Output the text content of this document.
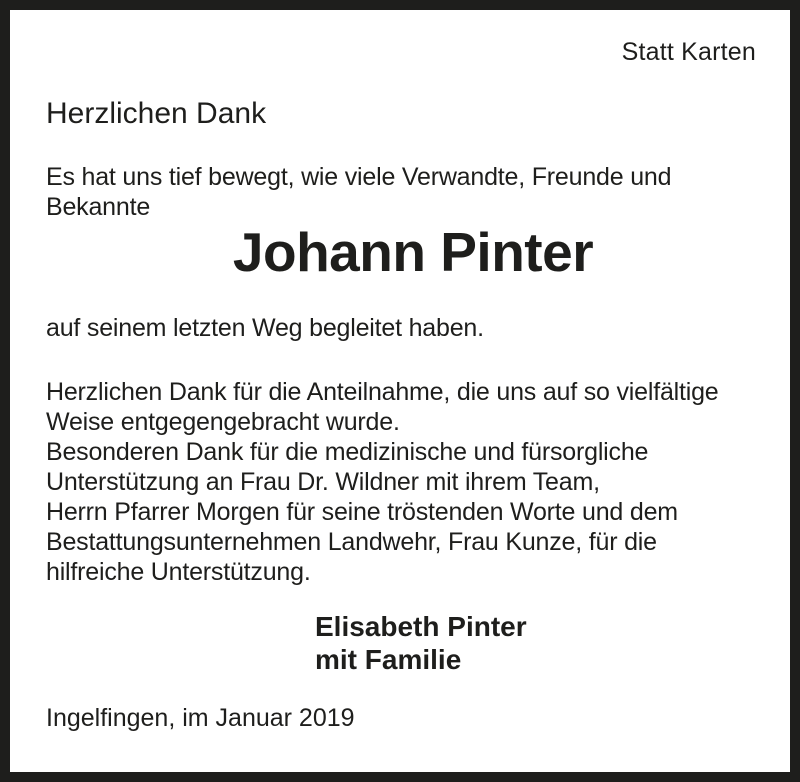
Statt Karten
Herzlichen Dank
Es hat uns tief bewegt, wie viele Verwandte, Freunde und
Bekannte
Johann Pinter
auf seinem letzten Weg begleitet haben.
Herzlichen Dank für die Anteilnahme, die uns auf so vielfältige
Weise entgegengebracht wurde.
Besonderen Dank für die medizinische und fürsorgliche
Unterstützung an Frau Dr. Wildner mit ihrem Team,
Herrn Pfarrer Morgen für seine tröstenden Worte und dem
Bestattungsunternehmen Landwehr, Frau Kunze, für die
hilfreiche Unterstützung.
Elisabeth Pinter
mit Familie
Ingelfingen, im Januar 2019
